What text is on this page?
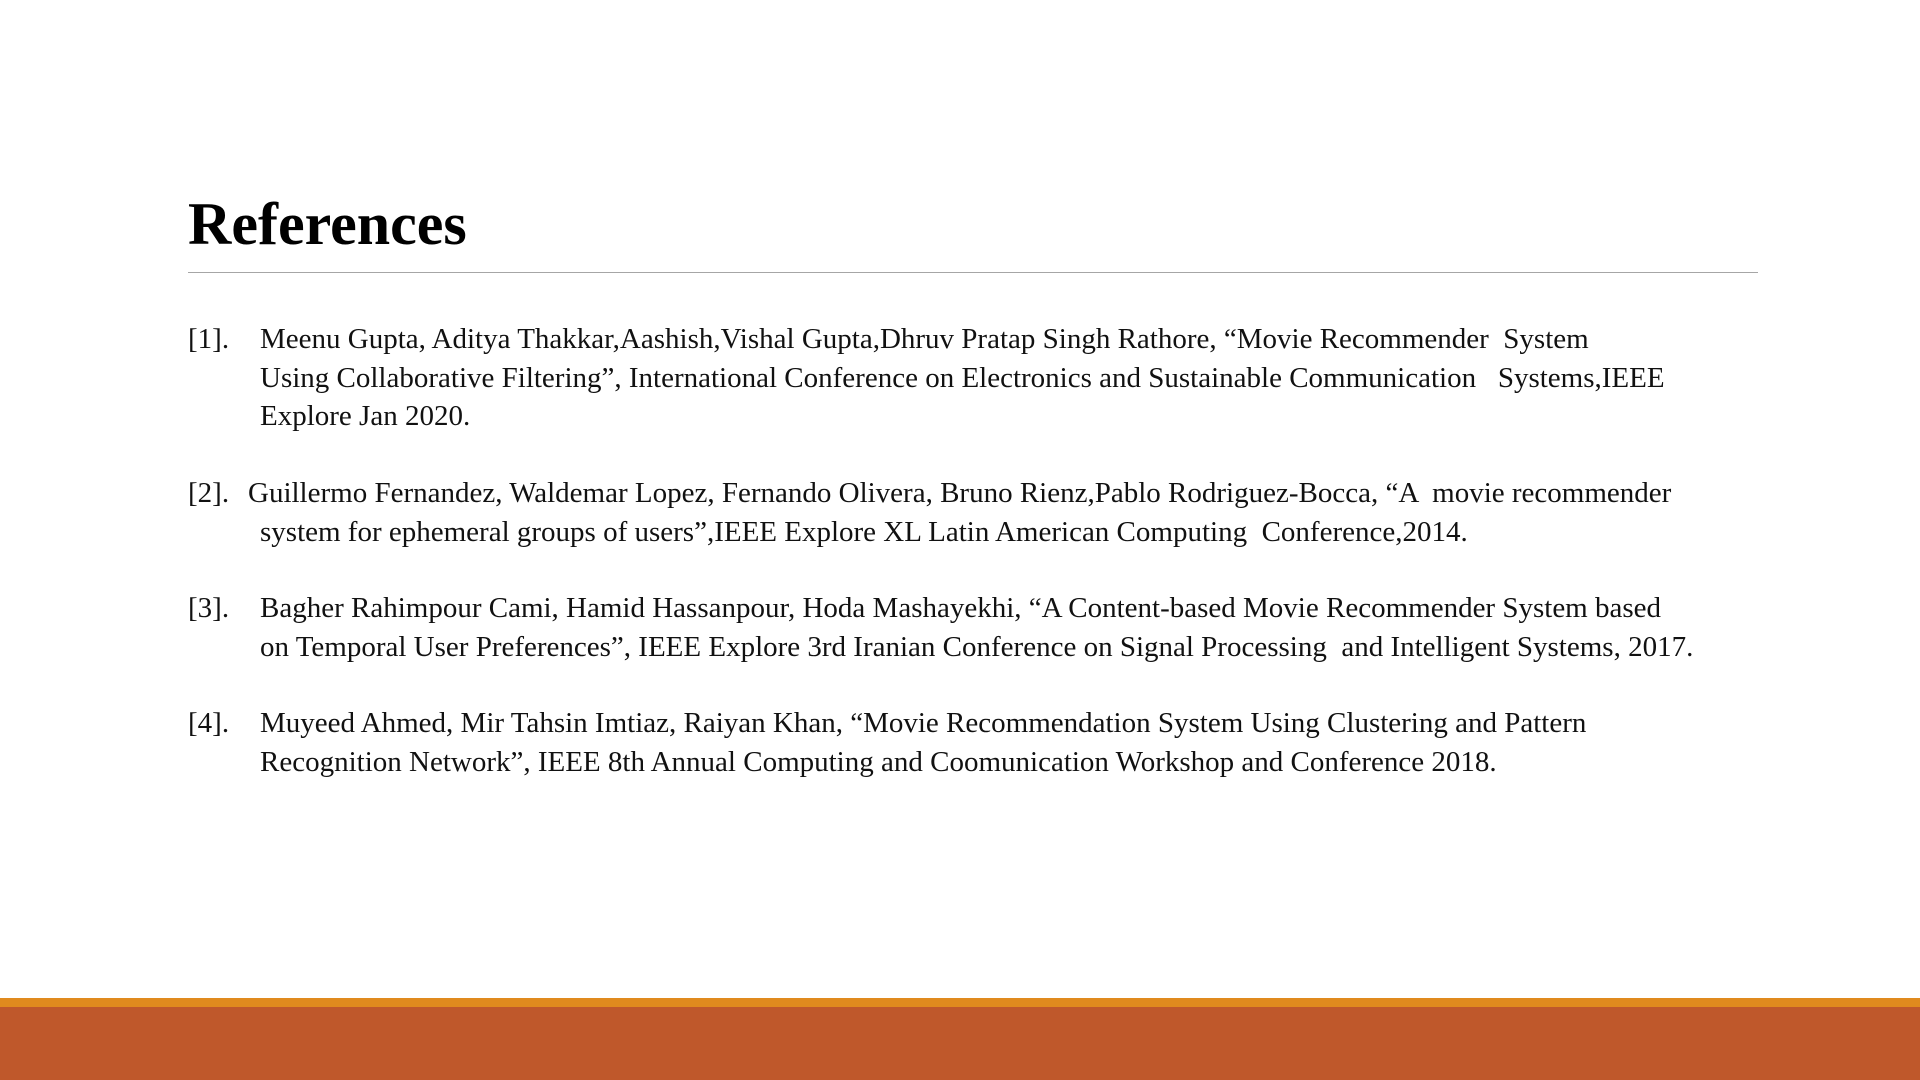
References
[1]. Meenu Gupta, Aditya Thakkar,Aashish,Vishal Gupta,Dhruv Pratap Singh Rathore, “Movie Recommender  System
Using Collaborative Filtering”, International Conference on Electronics and Sustainable Communication   Systems,IEEE
Explore Jan 2020.
[2]. Guillermo Fernandez, Waldemar Lopez, Fernando Olivera, Bruno Rienz,Pablo Rodriguez-Bocca, “A  movie recommender
system for ephemeral groups of users”,IEEE Explore XL Latin American Computing  Conference,2014.
[3]. Bagher Rahimpour Cami, Hamid Hassanpour, Hoda Mashayekhi, “A Content-based Movie Recommender System based
on Temporal User Preferences”, IEEE Explore 3rd Iranian Conference on Signal Processing  and Intelligent Systems, 2017.
[4]. Muyeed Ahmed, Mir Tahsin Imtiaz, Raiyan Khan, “Movie Recommendation System Using Clustering and Pattern
Recognition Network”, IEEE 8th Annual Computing and Coomunication Workshop and Conference 2018.
